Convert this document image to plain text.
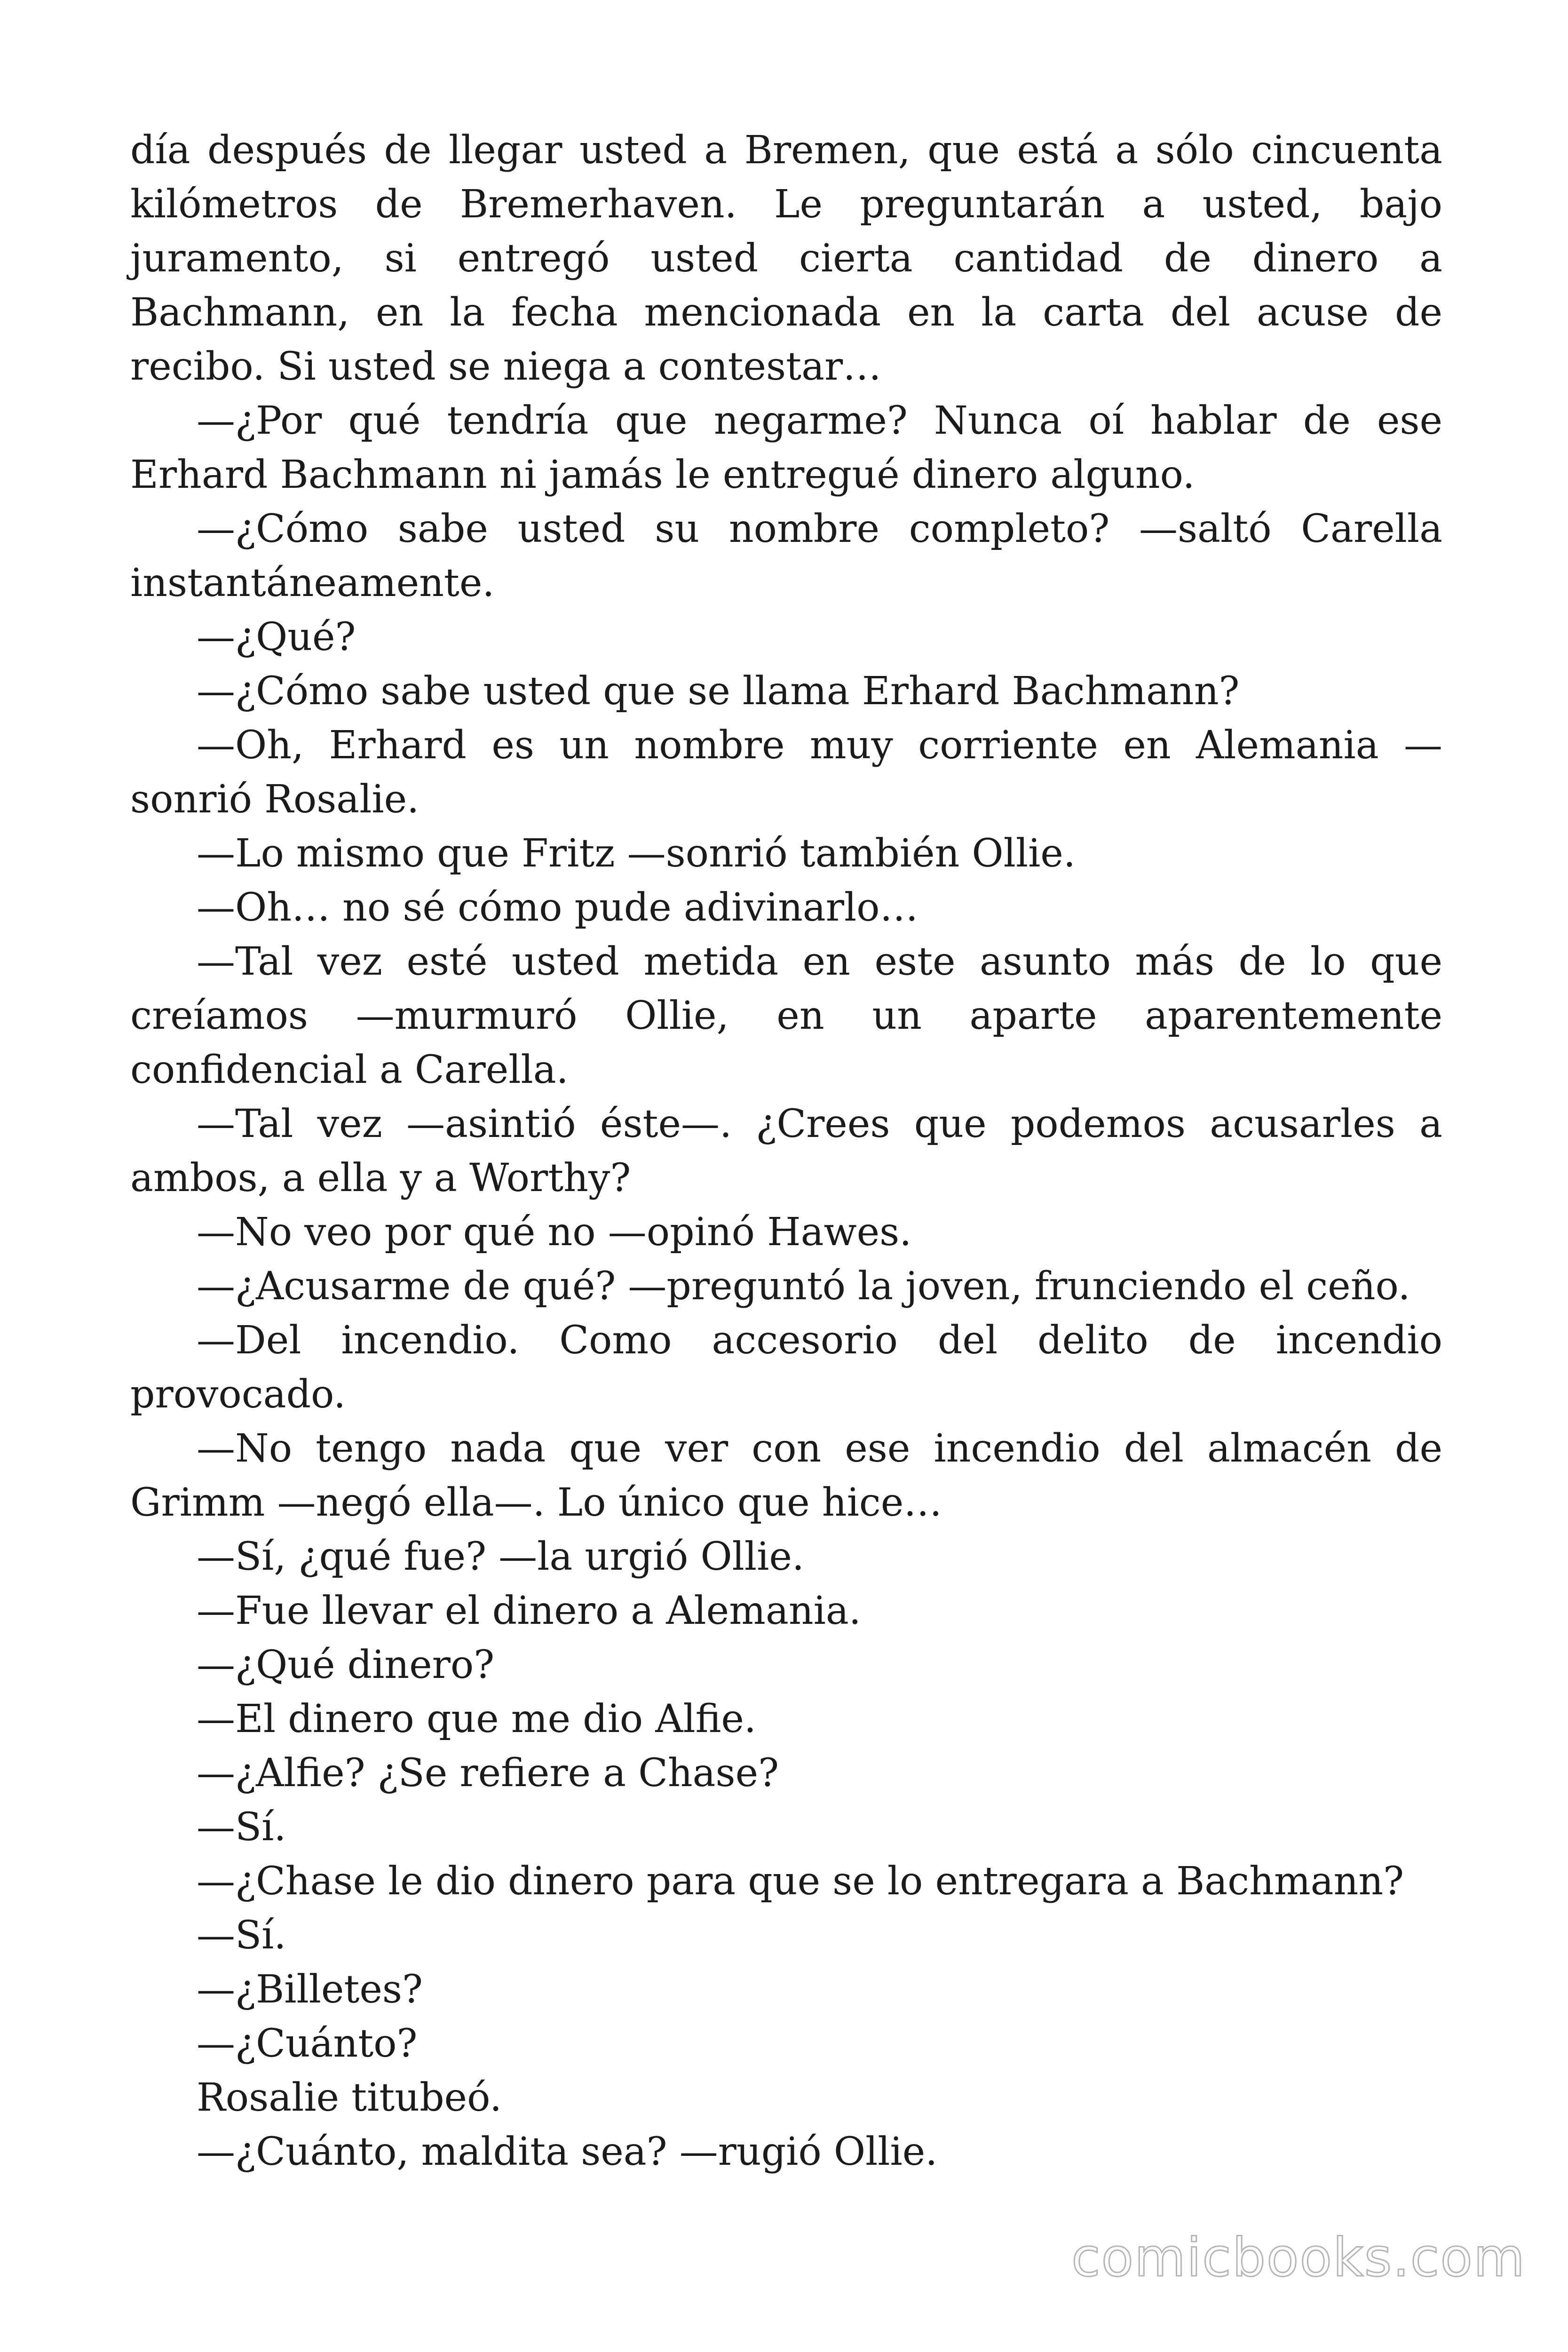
día después de llegar usted a Bremen, que está a sólo cincuenta kilómetros de Bremerhaven. Le preguntarán a usted, bajo juramento, si entregó usted cierta cantidad de dinero a Bachmann, en la fecha mencionada en la carta del acuse de recibo. Si usted se niega a contestar…

—¿Por qué tendría que negarme? Nunca oí hablar de ese Erhard Bachmann ni jamás le entregué dinero alguno.

—¿Cómo sabe usted su nombre completo? —saltó Carella instantáneamente.

—¿Qué?

—¿Cómo sabe usted que se llama Erhard Bachmann?

—Oh, Erhard es un nombre muy corriente en Alemania —sonrió Rosalie.

—Lo mismo que Fritz —sonrió también Ollie.

—Oh… no sé cómo pude adivinarlo…

—Tal vez esté usted metida en este asunto más de lo que creíamos —murmuró Ollie, en un aparte aparentemente confidencial a Carella.

—Tal vez —asintió éste—. ¿Crees que podemos acusarles a ambos, a ella y a Worthy?

—No veo por qué no —opinó Hawes.

—¿Acusarme de qué? —preguntó la joven, frunciendo el ceño.

—Del incendio. Como accesorio del delito de incendio provocado.

—No tengo nada que ver con ese incendio del almacén de Grimm —negó ella—. Lo único que hice…

—Sí, ¿qué fue? —la urgió Ollie.

—Fue llevar el dinero a Alemania.

—¿Qué dinero?

—El dinero que me dio Alfie.

—¿Alfie? ¿Se refiere a Chase?

—Sí.

—¿Chase le dio dinero para que se lo entregara a Bachmann?

—Sí.

—¿Billetes?

—¿Cuánto?

Rosalie titubeó.

—¿Cuánto, maldita sea? —rugió Ollie.

comicbooks.com
